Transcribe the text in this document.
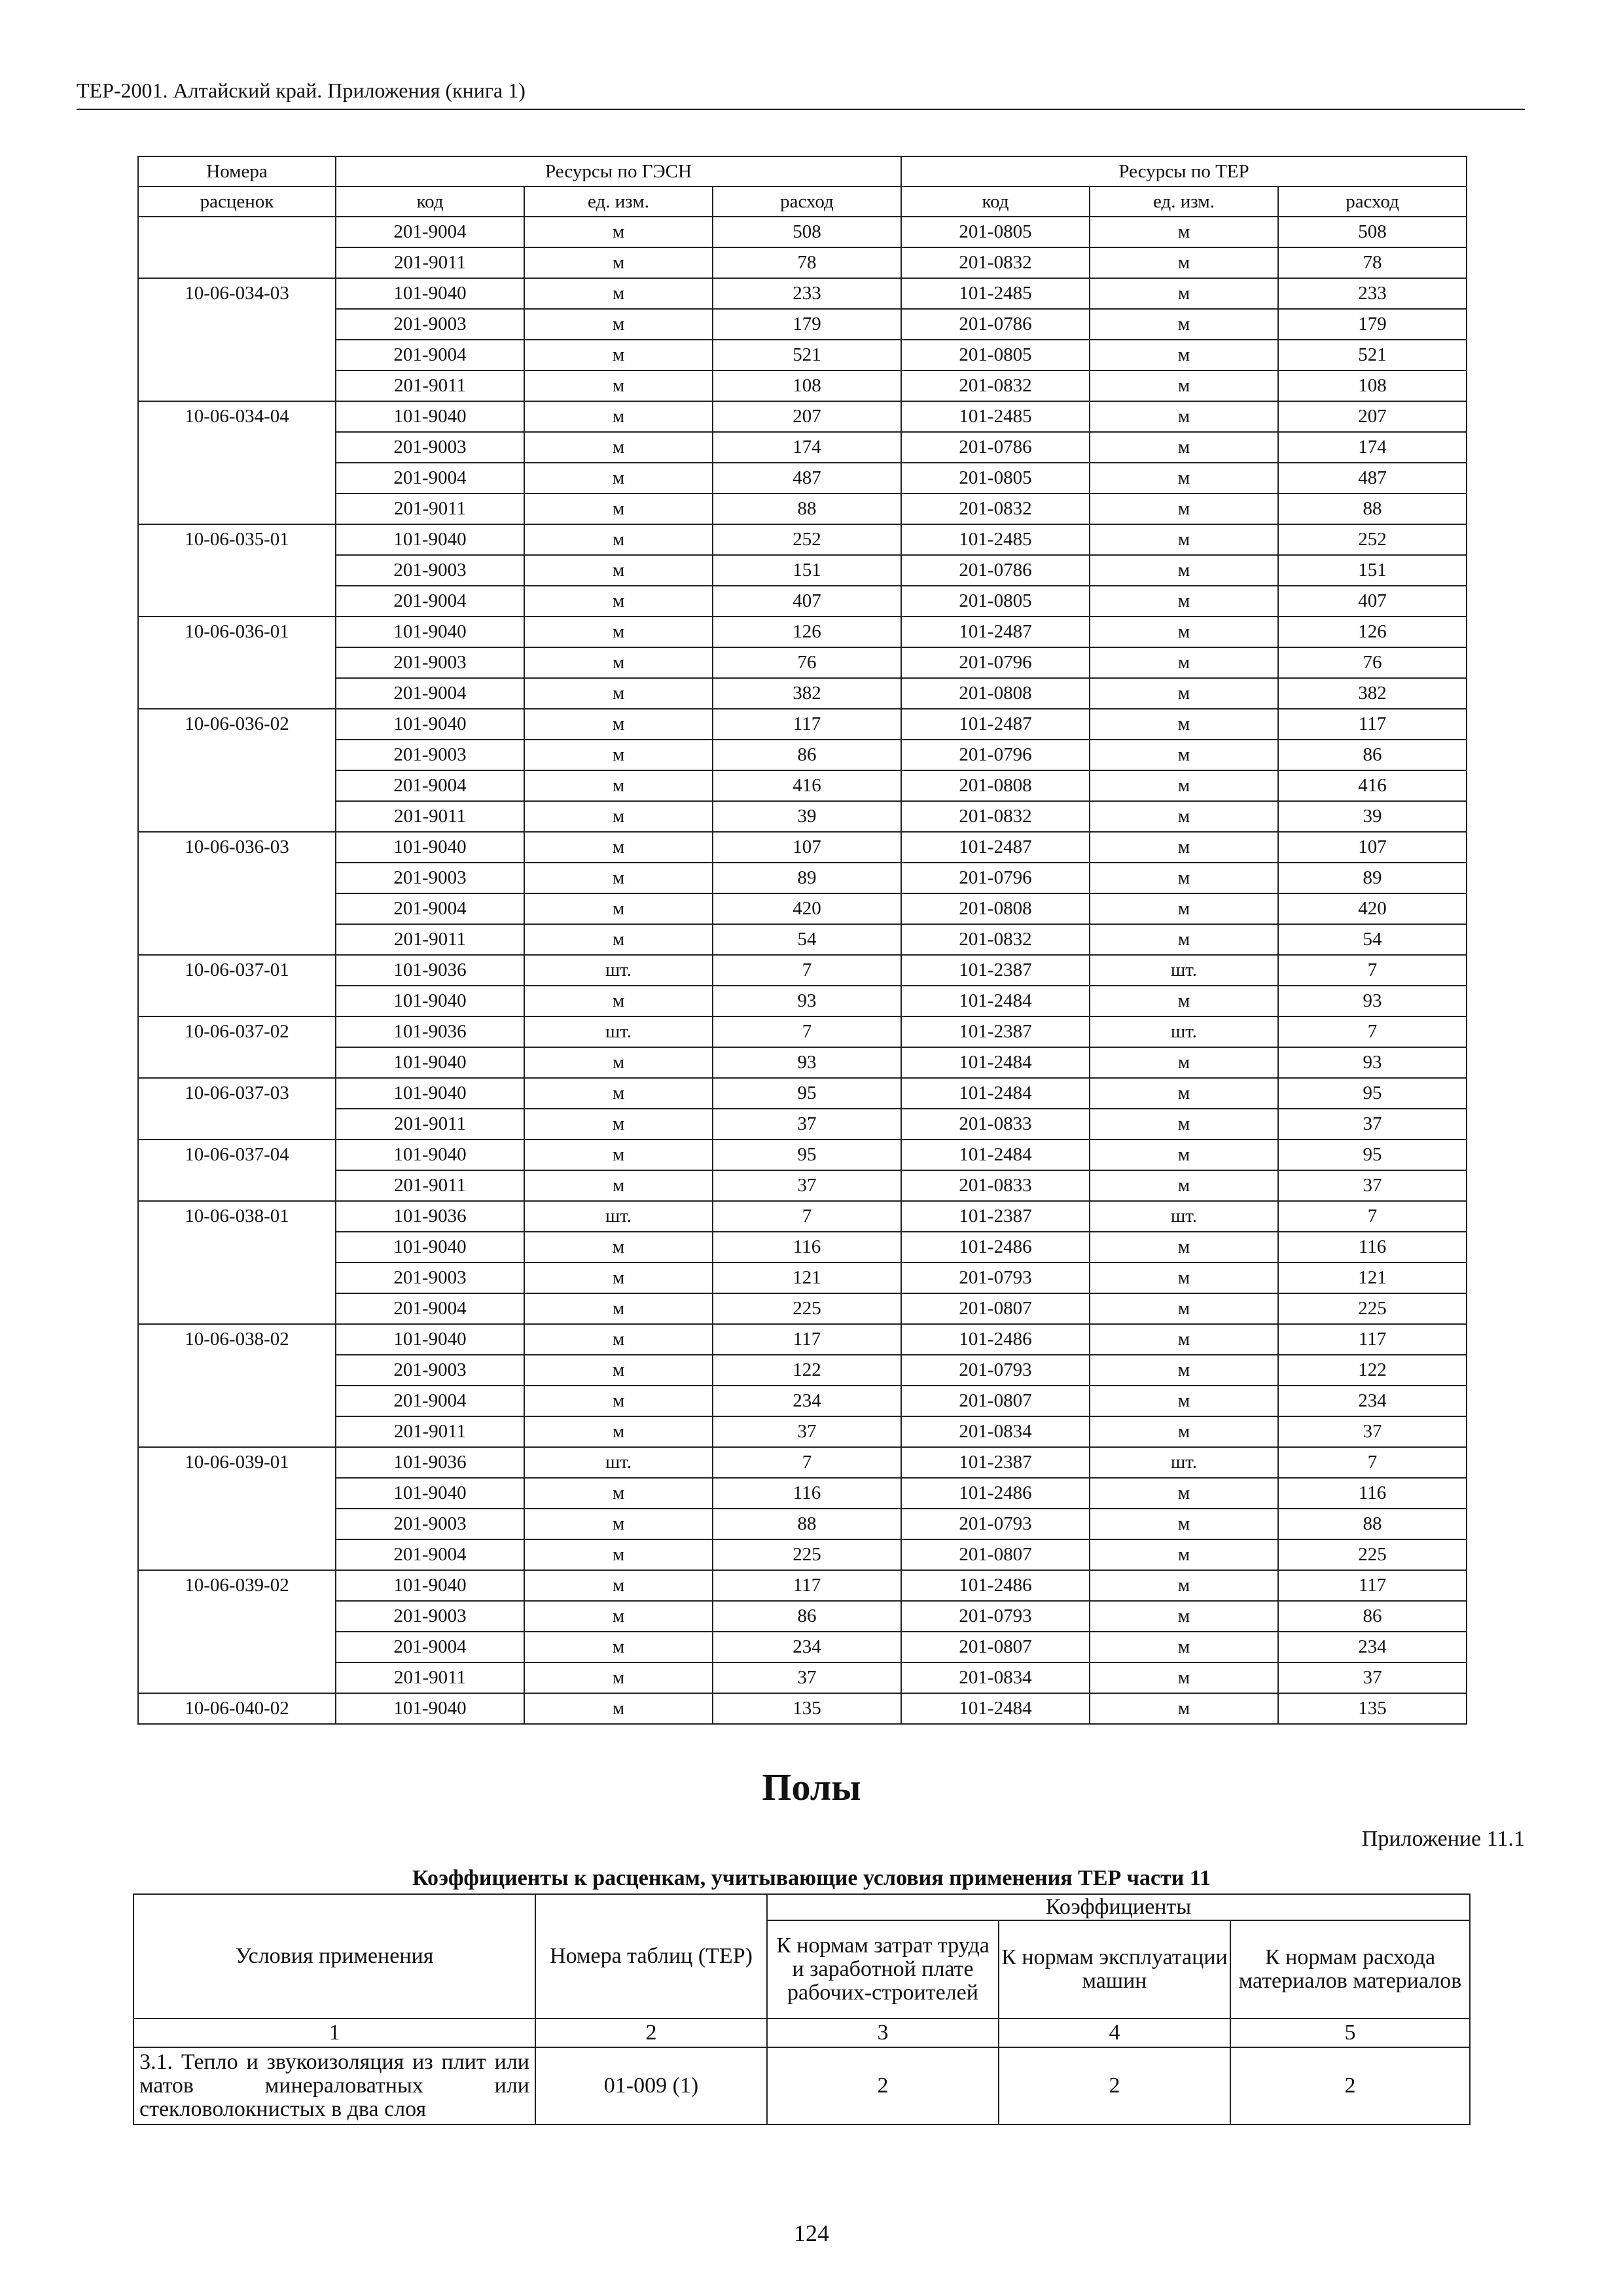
ТЕР-2001. Алтайский край. Приложения (книга 1)
Номера	Ресурсы по ГЭСН			Ресурсы по ТЕР		
расценок	код	ед. изм.	расход	код	ед. изм.	расход
	201-9004	м	508	201-0805	м	508
	201-9011	м	78	201-0832	м	78
10-06-034-03	101-9040	м	233	101-2485	м	233
	201-9003	м	179	201-0786	м	179
	201-9004	м	521	201-0805	м	521
	201-9011	м	108	201-0832	м	108
10-06-034-04	101-9040	м	207	101-2485	м	207
	201-9003	м	174	201-0786	м	174
	201-9004	м	487	201-0805	м	487
	201-9011	м	88	201-0832	м	88
10-06-035-01	101-9040	м	252	101-2485	м	252
	201-9003	м	151	201-0786	м	151
	201-9004	м	407	201-0805	м	407
10-06-036-01	101-9040	м	126	101-2487	м	126
	201-9003	м	76	201-0796	м	76
	201-9004	м	382	201-0808	м	382
10-06-036-02	101-9040	м	117	101-2487	м	117
	201-9003	м	86	201-0796	м	86
	201-9004	м	416	201-0808	м	416
	201-9011	м	39	201-0832	м	39
10-06-036-03	101-9040	м	107	101-2487	м	107
	201-9003	м	89	201-0796	м	89
	201-9004	м	420	201-0808	м	420
	201-9011	м	54	201-0832	м	54
10-06-037-01	101-9036	шт.	7	101-2387	шт.	7
	101-9040	м	93	101-2484	м	93
10-06-037-02	101-9036	шт.	7	101-2387	шт.	7
	101-9040	м	93	101-2484	м	93
10-06-037-03	101-9040	м	95	101-2484	м	95
	201-9011	м	37	201-0833	м	37
10-06-037-04	101-9040	м	95	101-2484	м	95
	201-9011	м	37	201-0833	м	37
10-06-038-01	101-9036	шт.	7	101-2387	шт.	7
	101-9040	м	116	101-2486	м	116
	201-9003	м	121	201-0793	м	121
	201-9004	м	225	201-0807	м	225
10-06-038-02	101-9040	м	117	101-2486	м	117
	201-9003	м	122	201-0793	м	122
	201-9004	м	234	201-0807	м	234
	201-9011	м	37	201-0834	м	37
10-06-039-01	101-9036	шт.	7	101-2387	шт.	7
	101-9040	м	116	101-2486	м	116
	201-9003	м	88	201-0793	м	88
	201-9004	м	225	201-0807	м	225
10-06-039-02	101-9040	м	117	101-2486	м	117
	201-9003	м	86	201-0793	м	86
	201-9004	м	234	201-0807	м	234
	201-9011	м	37	201-0834	м	37
10-06-040-02	101-9040	м	135	101-2484	м	135
Полы
Приложение 11.1
Коэффициенты к расценкам, учитывающие условия применения ТЕР части 11
Условия применения	Номера таблиц (ТЕР)	Коэффициенты		
		К нормам затрат труда и заработной плате рабочих-строителей	К нормам эксплуатации машин	К нормам расхода материалов материалов
1	2	3	4	5
3.1. Тепло и звукоизоляция из плит или матов минераловатных или стекловолокнистых в два слоя	01-009 (1)	2	2	2
124
